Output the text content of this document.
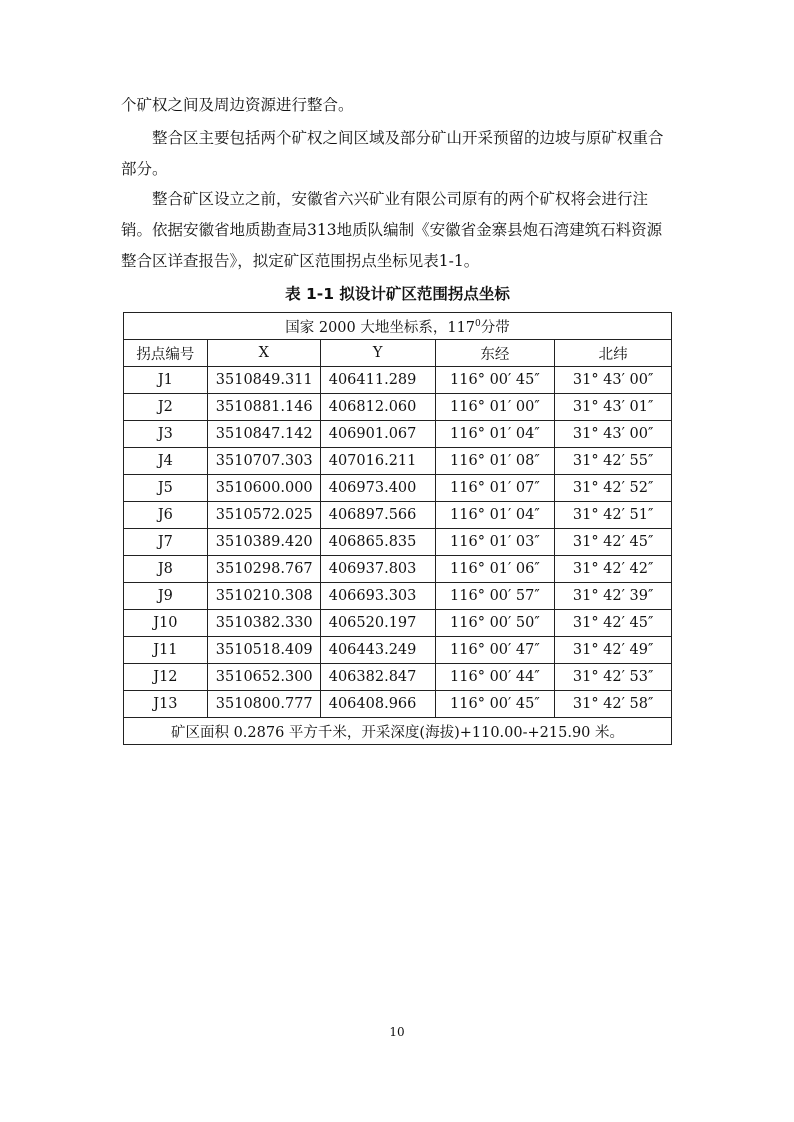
个矿权之间及周边资源进行整合。

整合区主要包括两个矿权之间区域及部分矿山开采预留的边坡与原矿权重合部分。

整合矿区设立之前，安徽省六兴矿业有限公司原有的两个矿权将会进行注销。依据安徽省地质勘查局313地质队编制《安徽省金寨县炮石湾建筑石料资源整合区详查报告》，拟定矿区范围拐点坐标见表1-1。

表 1-1 拟设计矿区范围拐点坐标
国家 2000 大地坐标系，$117^0$分带				
拐点编号	X	Y	东经	北纬
J1	3510849.311	406411.289	116° 00′ 45″	31° 43′ 00″
J2	3510881.146	406812.060	116° 01′ 00″	31° 43′ 01″
J3	3510847.142	406901.067	116° 01′ 04″	31° 43′ 00″
J4	3510707.303	407016.211	116° 01′ 08″	31° 42′ 55″
J5	3510600.000	406973.400	116° 01′ 07″	31° 42′ 52″
J6	3510572.025	406897.566	116° 01′ 04″	31° 42′ 51″
J7	3510389.420	406865.835	116° 01′ 03″	31° 42′ 45″
J8	3510298.767	406937.803	116° 01′ 06″	31° 42′ 42″
J9	3510210.308	406693.303	116° 00′ 57″	31° 42′ 39″
J10	3510382.330	406520.197	116° 00′ 50″	31° 42′ 45″
J11	3510518.409	406443.249	116° 00′ 47″	31° 42′ 49″
J12	3510652.300	406382.847	116° 00′ 44″	31° 42′ 53″
J13	3510800.777	406408.966	116° 00′ 45″	31° 42′ 58″
矿区面积 0.2876 平方千米，开采深度(海拔)+110.00-+215.90 米。				
10
